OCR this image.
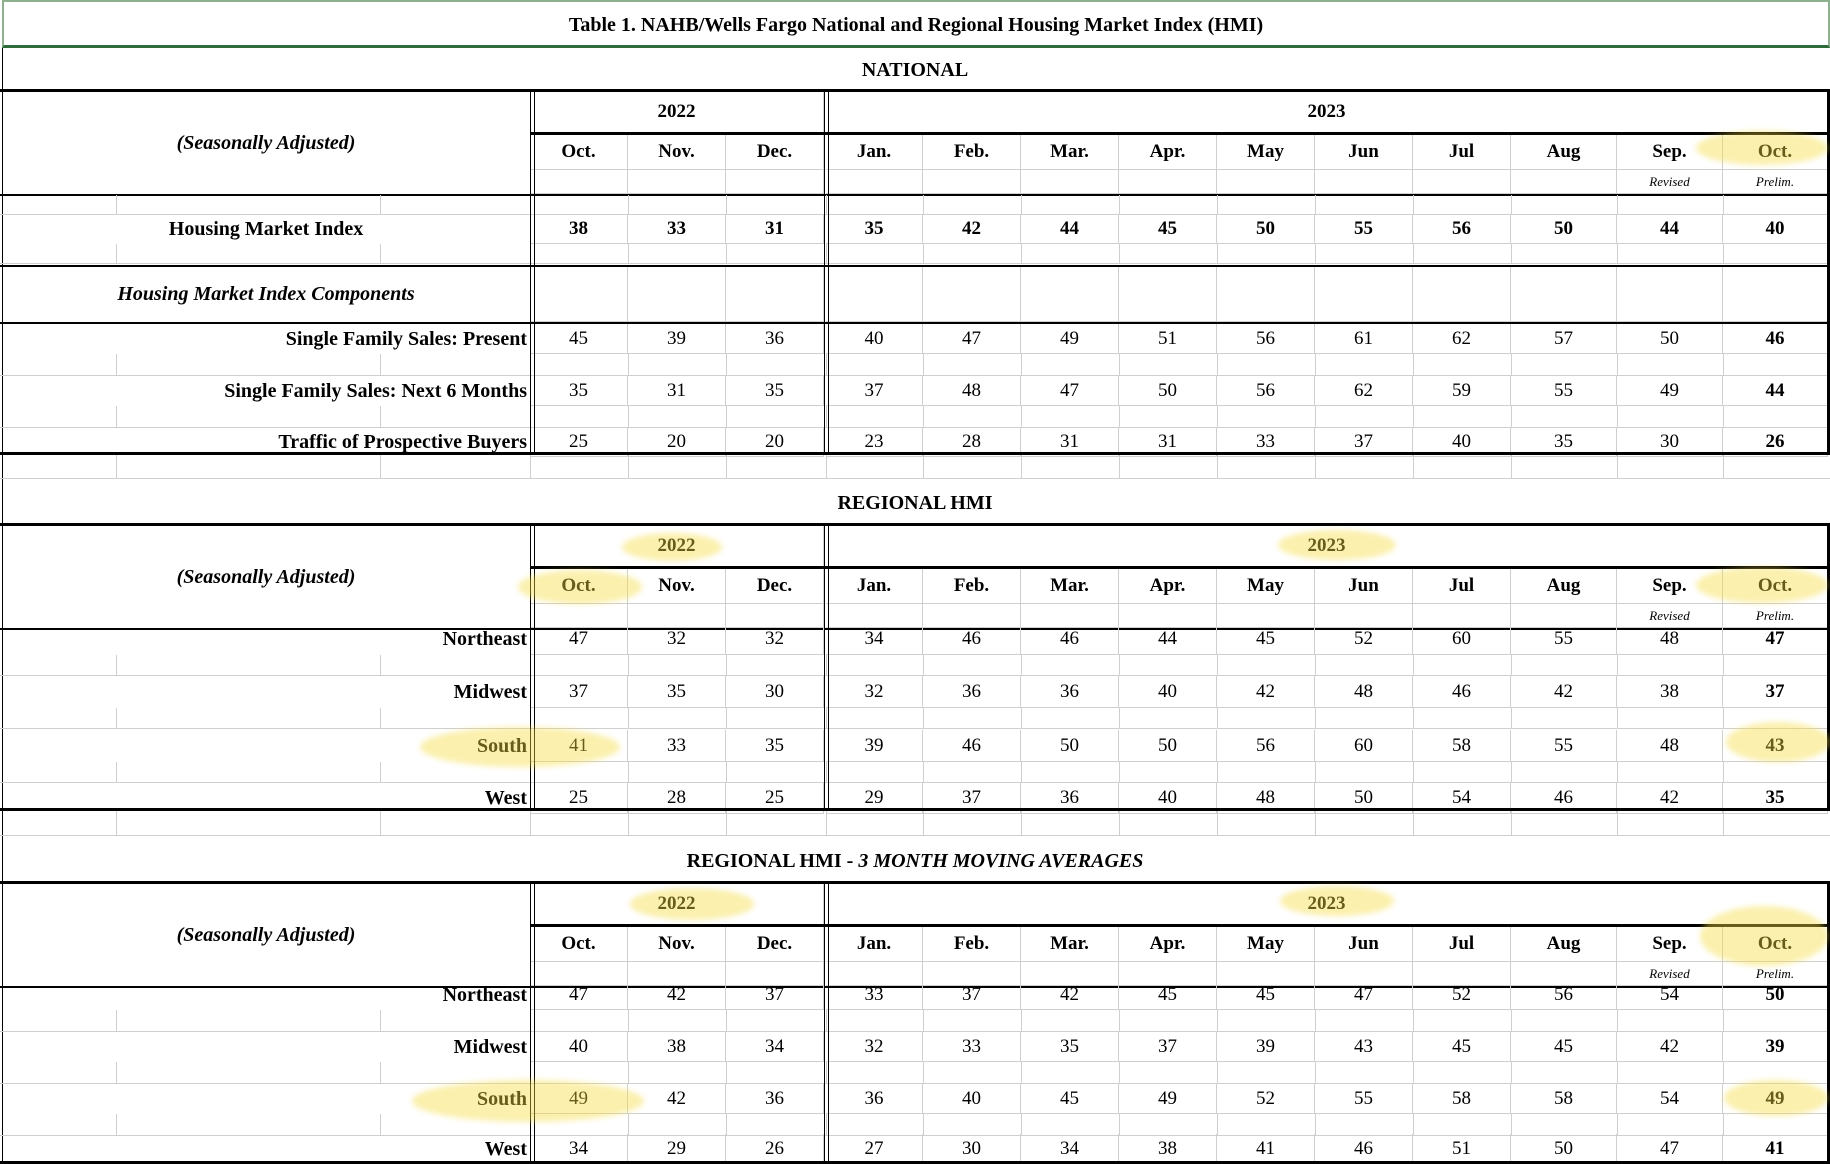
Table 1. NAHB/Wells Fargo National and Regional Housing Market Index (HMI)
NATIONAL
2022	2023
Oct.	Nov.	Dec.	Jan.	Feb.	Mar.	Apr.	May	Jun	Jul	Aug	Sep.	Oct.
Revised	Prelim.
(Seasonally Adjusted)
Housing Market Index	38	33	31	35	42	44	45	50	55	56	50	44	40
Housing Market Index Components
Single Family Sales: Present	45	39	36	40	47	49	51	56	61	62	57	50	46
Single Family Sales: Next 6 Months	35	31	35	37	48	47	50	56	62	59	55	49	44
Traffic of Prospective Buyers	25	20	20	23	28	31	31	33	37	40	35	30	26
REGIONAL HMI
2022	2023
Oct.	Nov.	Dec.	Jan.	Feb.	Mar.	Apr.	May	Jun	Jul	Aug	Sep.	Oct.
Revised	Prelim.
(Seasonally Adjusted)
Northeast	47	32	32	34	46	46	44	45	52	60	55	48	47
Midwest	37	35	30	32	36	36	40	42	48	46	42	38	37
South	41	33	35	39	46	50	50	56	60	58	55	48	43
West	25	28	25	29	37	36	40	48	50	54	46	42	35
REGIONAL HMI - 3 MONTH MOVING AVERAGES
2022	2023
Oct.	Nov.	Dec.	Jan.	Feb.	Mar.	Apr.	May	Jun	Jul	Aug	Sep.	Oct.
Revised	Prelim.
(Seasonally Adjusted)
Northeast	47	42	37	33	37	42	45	45	47	52	56	54	50
Midwest	40	38	34	32	33	35	37	39	43	45	45	42	39
South	49	42	36	36	40	45	49	52	55	58	58	54	49
West	34	29	26	27	30	34	38	41	46	51	50	47	41
